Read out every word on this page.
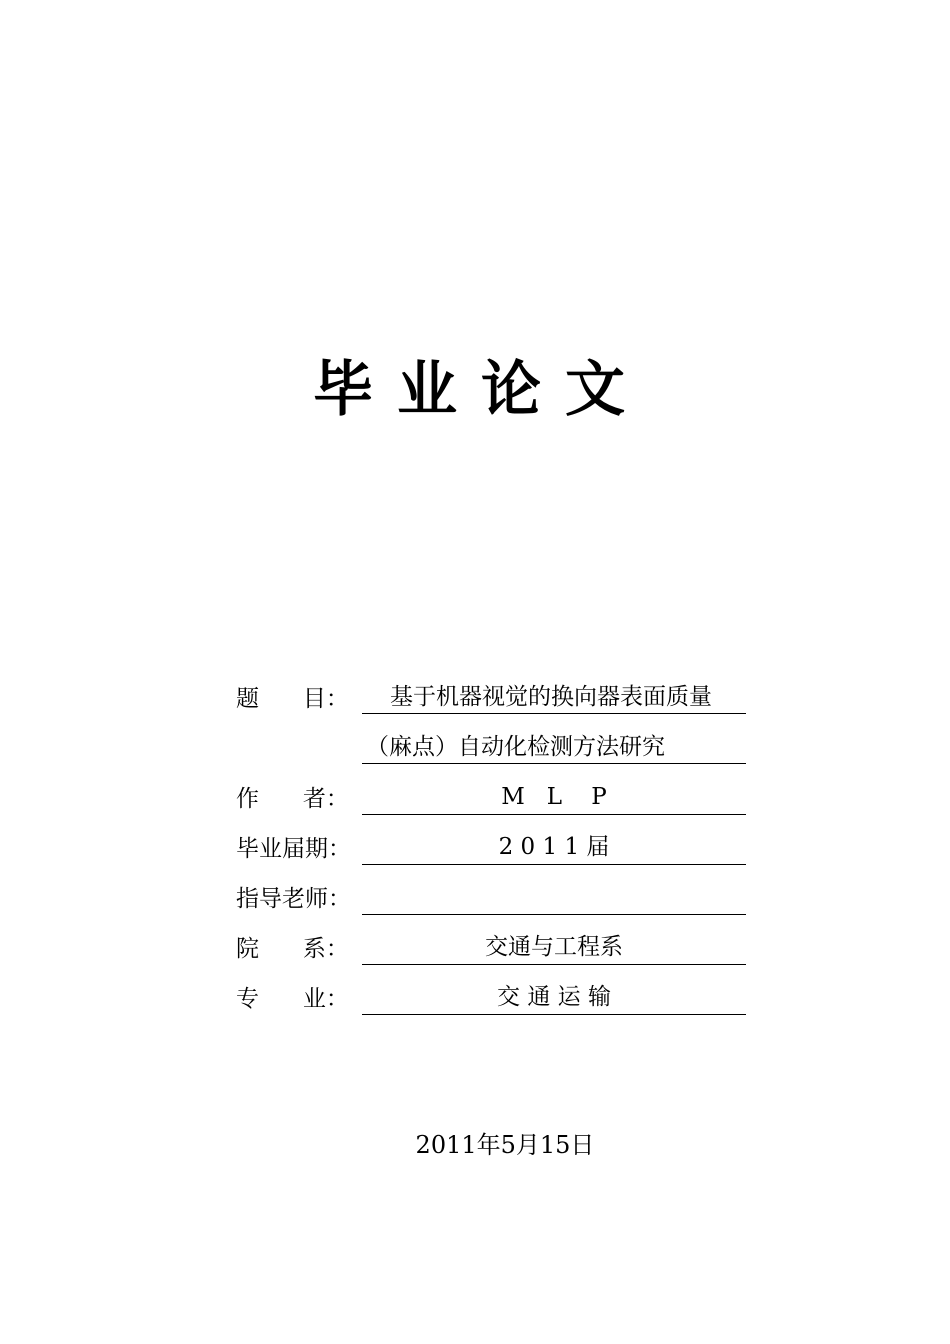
毕业论文
题      目：	基于机器视觉的换向器表面质量
（麻点）自动化检测方法研究
作      者：	M   L    P
毕业届期：	2 0 1 1 届
指导老师：
院      系：	交通与工程系
专      业：	交 通 运 输
2011年5月15日
